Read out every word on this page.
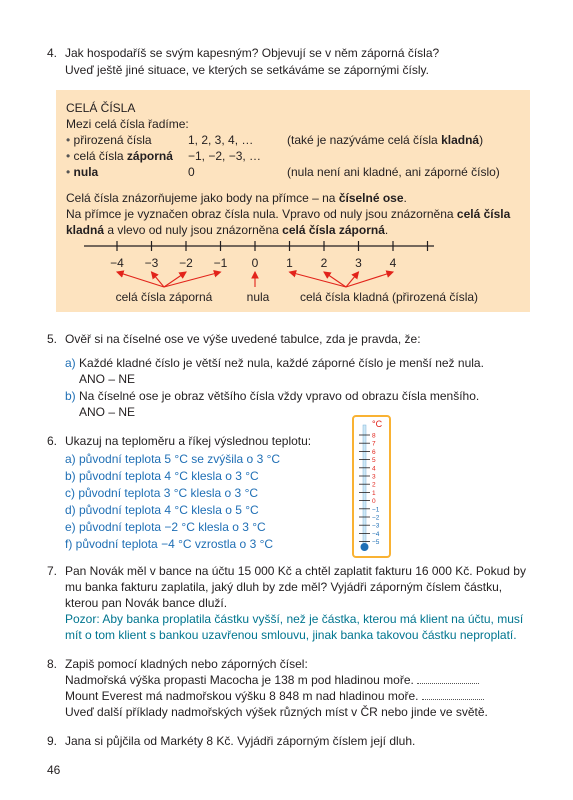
4. Jak hospodaříš se svým kapesným? Objevují se v něm záporná čísla?
Uveď ještě jiné situace, ve kterých se setkáváme se zápornými čísly.
CELÁ ČÍSLA
Mezi celá čísla řadíme:
• přirozená čísla	1, 2, 3, 4, …	(také je nazýváme celá čísla kladná)
• celá čísla záporná −1, −2, −3, …
• nula	0	(nula není ani kladné, ani záporné číslo)
Celá čísla znázorňujeme jako body na přímce – na číselné ose.
Na přímce je vyznačen obraz čísla nula. Vpravo od nuly jsou znázorněna celá čísla
kladná a vlevo od nuly jsou znázorněna celá čísla záporná.
−4 −3 −2 −1 0 1 2 3 4
celá čísla záporná	nula	celá čísla kladná (přirozená čísla)
5. Ověř si na číselné ose ve výše uvedené tabulce, zda je pravda, že:
a) Každé kladné číslo je větší než nula, každé záporné číslo je menší než nula.
ANO – NE
b) Na číselné ose je obraz většího čísla vždy vpravo od obrazu čísla menšího.
ANO – NE
6. Ukazuj na teploměru a říkej výslednou teplotu:
a) původní teplota 5 °C se zvýšila o 3 °C
b) původní teplota 4 °C klesla o 3 °C
c) původní teplota 3 °C klesla o 3 °C
d) původní teplota 4 °C klesla o 5 °C
e) původní teplota −2 °C klesla o 3 °C
f) původní teplota −4 °C vzrostla o 3 °C
°C
8
7
6
5
4
3
2
1
0
−1
−2
−3
−4
−5
7. Pan Novák měl v bance na účtu 15 000 Kč a chtěl zaplatit fakturu 16 000 Kč. Pokud by
mu banka fakturu zaplatila, jaký dluh by zde měl? Vyjádři záporným číslem částku,
kterou pan Novák bance dluží.
Pozor: Aby banka proplatila částku vyšší, než je částka, kterou má klient na účtu, musí
mít o tom klient s bankou uzavřenou smlouvu, jinak banka takovou částku neproplatí.
8. Zapiš pomocí kladných nebo záporných čísel:
Nadmořská výška propasti Macocha je 138 m pod hladinou moře.
Mount Everest má nadmořskou výšku 8 848 m nad hladinou moře.
Uveď další příklady nadmořských výšek různých míst v ČR nebo jinde ve světě.
9. Jana si půjčila od Markéty 8 Kč. Vyjádři záporným číslem její dluh.
46
